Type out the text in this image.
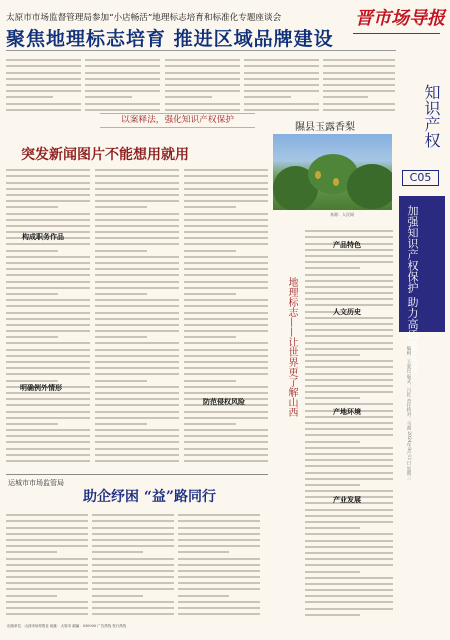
太原市市场监督管理局参加“小店畅活”地理标志培育和标准化专题座谈会
聚焦地理标志培育 推进区域品牌建设
晋市场导报
知识产权
C05
加强知识产权保护 助力高质量发展
编辑：王爱民 版式：吕红 责任校对：马燕 2024年9月11日 星期三
以案释法，强化知识产权保护
突发新闻图片不能想用就用
构成职务作品
明确例外情形
防范侵权风险
隰县玉露香梨
来源：人民网
地理标志——让世界更了解山西
产品特色
人文历史
产地环境
产业发展
运城市市场监管局
助企纾困 “益”路同行
出版单位：山西市场导报社 地址：太原市 邮编：030000 广告热线 发行热线
